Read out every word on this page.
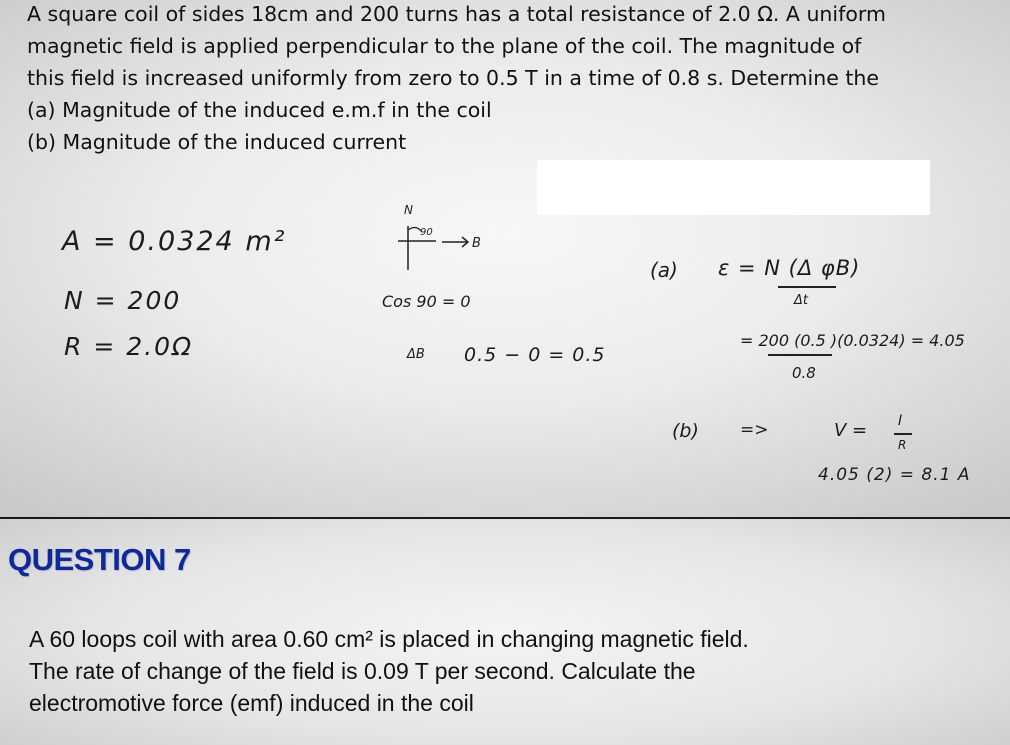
A square coil of sides 18cm and 200 turns has a total resistance of 2.0 Ω. A uniform
magnetic field is applied perpendicular to the plane of the coil. The magnitude of
this field is increased uniformly from zero to 0.5 T in a time of 0.8 s. Determine the
(a) Magnitude of the induced e.m.f in the coil
(b) Magnitude of the induced current
A = 0.0324 m²
N = 200
R = 2.0Ω
N
90
B
Cos 90 = 0
ΔB 0.5 − 0 = 0.5
(a) ε = N (Δ φB)
Δt
= 200 (0.5 )(0.0324) = 4.05
0.8
(b) =>	V = I
R
4.05 (2) = 8.1 A
QUESTION 7
A 60 loops coil with area 0.60 cm² is placed in changing magnetic field.
The rate of change of the field is 0.09 T per second. Calculate the
electromotive force (emf) induced in the coil
